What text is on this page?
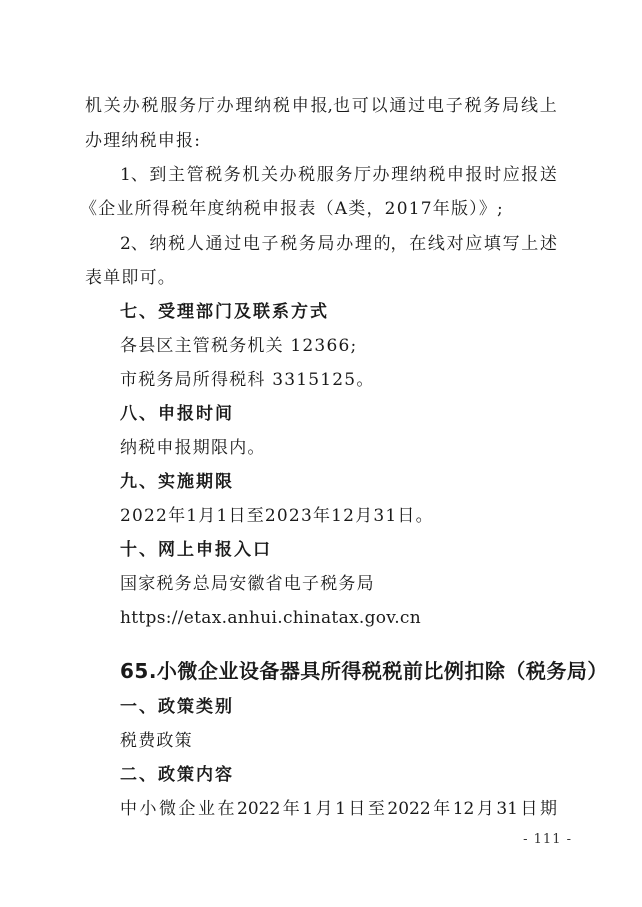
机 关 办 税 服 务 厅 办 理 纳 税 申 报,也 可 以 通 过 电 子 税 务 局 线 上
办理纳税申报:
1、 到 主 管 税 务 机 关 办 税 服 务 厅 办 理 纳 税 申 报 时 应 报 送
《企业所得税年度纳税申报表（A类，2017年版）》;
2、 纳 税 人 通 过 电 子 税 务 局 办 理 的， 在 线 对 应 填 写 上 述
表单即可。
七、受理部门及联系方式
各县区主管税务机关 12366;
市税务局所得税科 3315125。
八、申报时间
纳税申报期限内。
九、实施期限
2022年1月1日至2023年12月31日。
十、网上申报入口
国家税务总局安徽省电子税务局
https://etax.anhui.chinatax.gov.cn
65.小微企业设备器具所得税税前比例扣除（税务局）
一、政策类别
税费政策
二、政策内容
中 小 微 企 业 在 2022 年 1 月 1 日 至 2022 年 12 月 31 日 期
- 111 -
